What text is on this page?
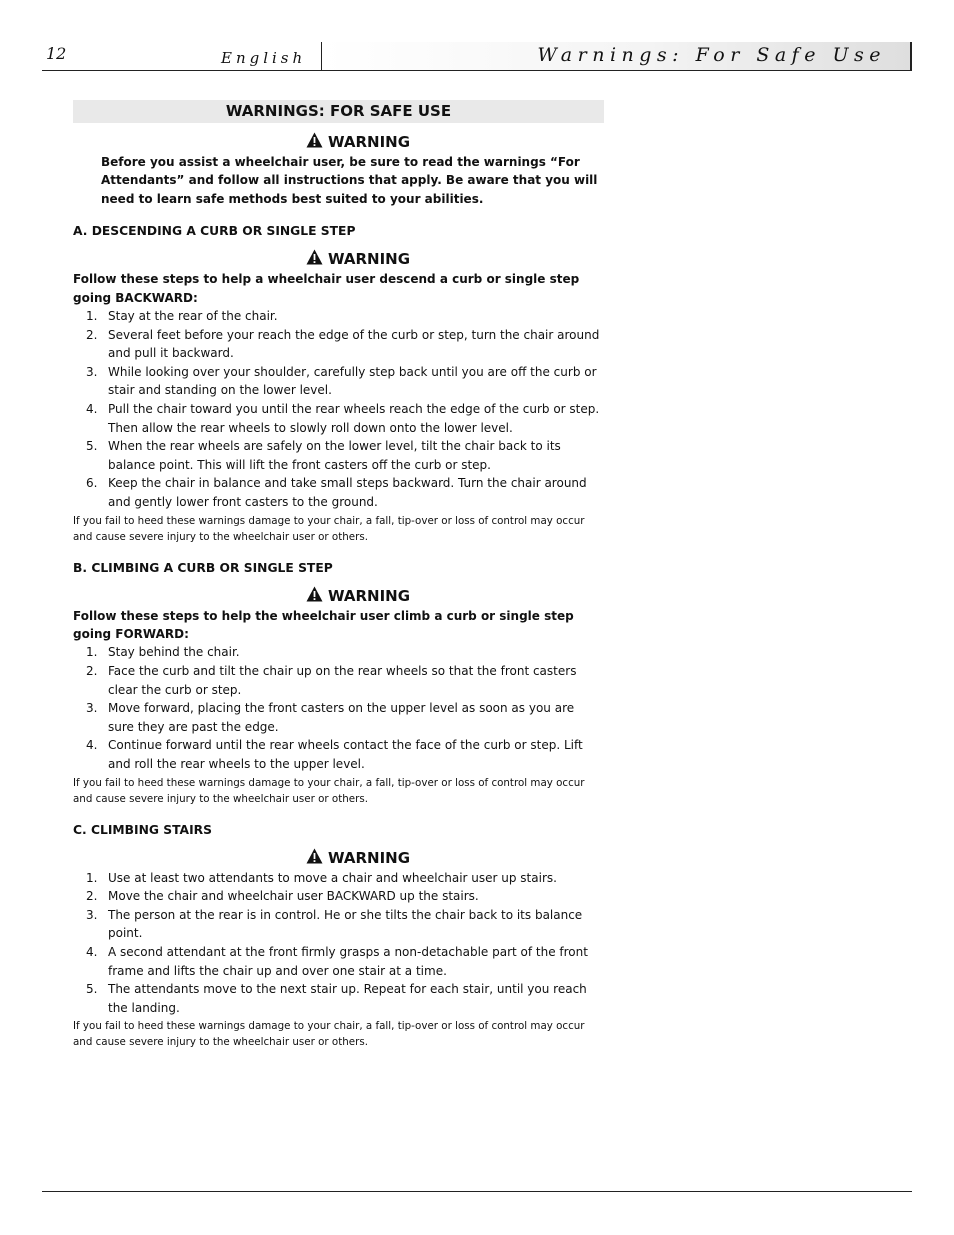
12	English	Warnings: For Safe Use
WARNINGS: FOR SAFE USE
WARNING
Before you assist a wheelchair user, be sure to read the warnings “For Attendants” and follow all instructions that apply. Be aware that you will need to learn safe methods best suited to your abilities.
A. DESCENDING A CURB OR SINGLE STEP
WARNING
Follow these steps to help a wheelchair user descend a curb or single step going BACKWARD:
1. Stay at the rear of the chair.
2. Several feet before your reach the edge of the curb or step, turn the chair around and pull it backward.
3. While looking over your shoulder, carefully step back until you are off the curb or stair and standing on the lower level.
4. Pull the chair toward you until the rear wheels reach the edge of the curb or step. Then allow the rear wheels to slowly roll down onto the lower level.
5. When the rear wheels are safely on the lower level, tilt the chair back to its balance point. This will lift the front casters off the curb or step.
6. Keep the chair in balance and take small steps backward. Turn the chair around and gently lower front casters to the ground.
If you fail to heed these warnings damage to your chair, a fall, tip-over or loss of control may occur and cause severe injury to the wheelchair user or others.
B. CLIMBING A CURB OR SINGLE STEP
WARNING
Follow these steps to help the wheelchair user climb a curb or single step going FORWARD:
1. Stay behind the chair.
2. Face the curb and tilt the chair up on the rear wheels so that the front casters clear the curb or step.
3. Move forward, placing the front casters on the upper level as soon as you are sure they are past the edge.
4. Continue forward until the rear wheels contact the face of the curb or step. Lift and roll the rear wheels to the upper level.
If you fail to heed these warnings damage to your chair, a fall, tip-over or loss of control may occur and cause severe injury to the wheelchair user or others.
C. CLIMBING STAIRS
WARNING
1. Use at least two attendants to move a chair and wheelchair user up stairs.
2. Move the chair and wheelchair user BACKWARD up the stairs.
3. The person at the rear is in control. He or she tilts the chair back to its balance point.
4. A second attendant at the front firmly grasps a non-detachable part of the front frame and lifts the chair up and over one stair at a time.
5. The attendants move to the next stair up. Repeat for each stair, until you reach the landing.
If you fail to heed these warnings damage to your chair, a fall, tip-over or loss of control may occur and cause severe injury to the wheelchair user or others.
